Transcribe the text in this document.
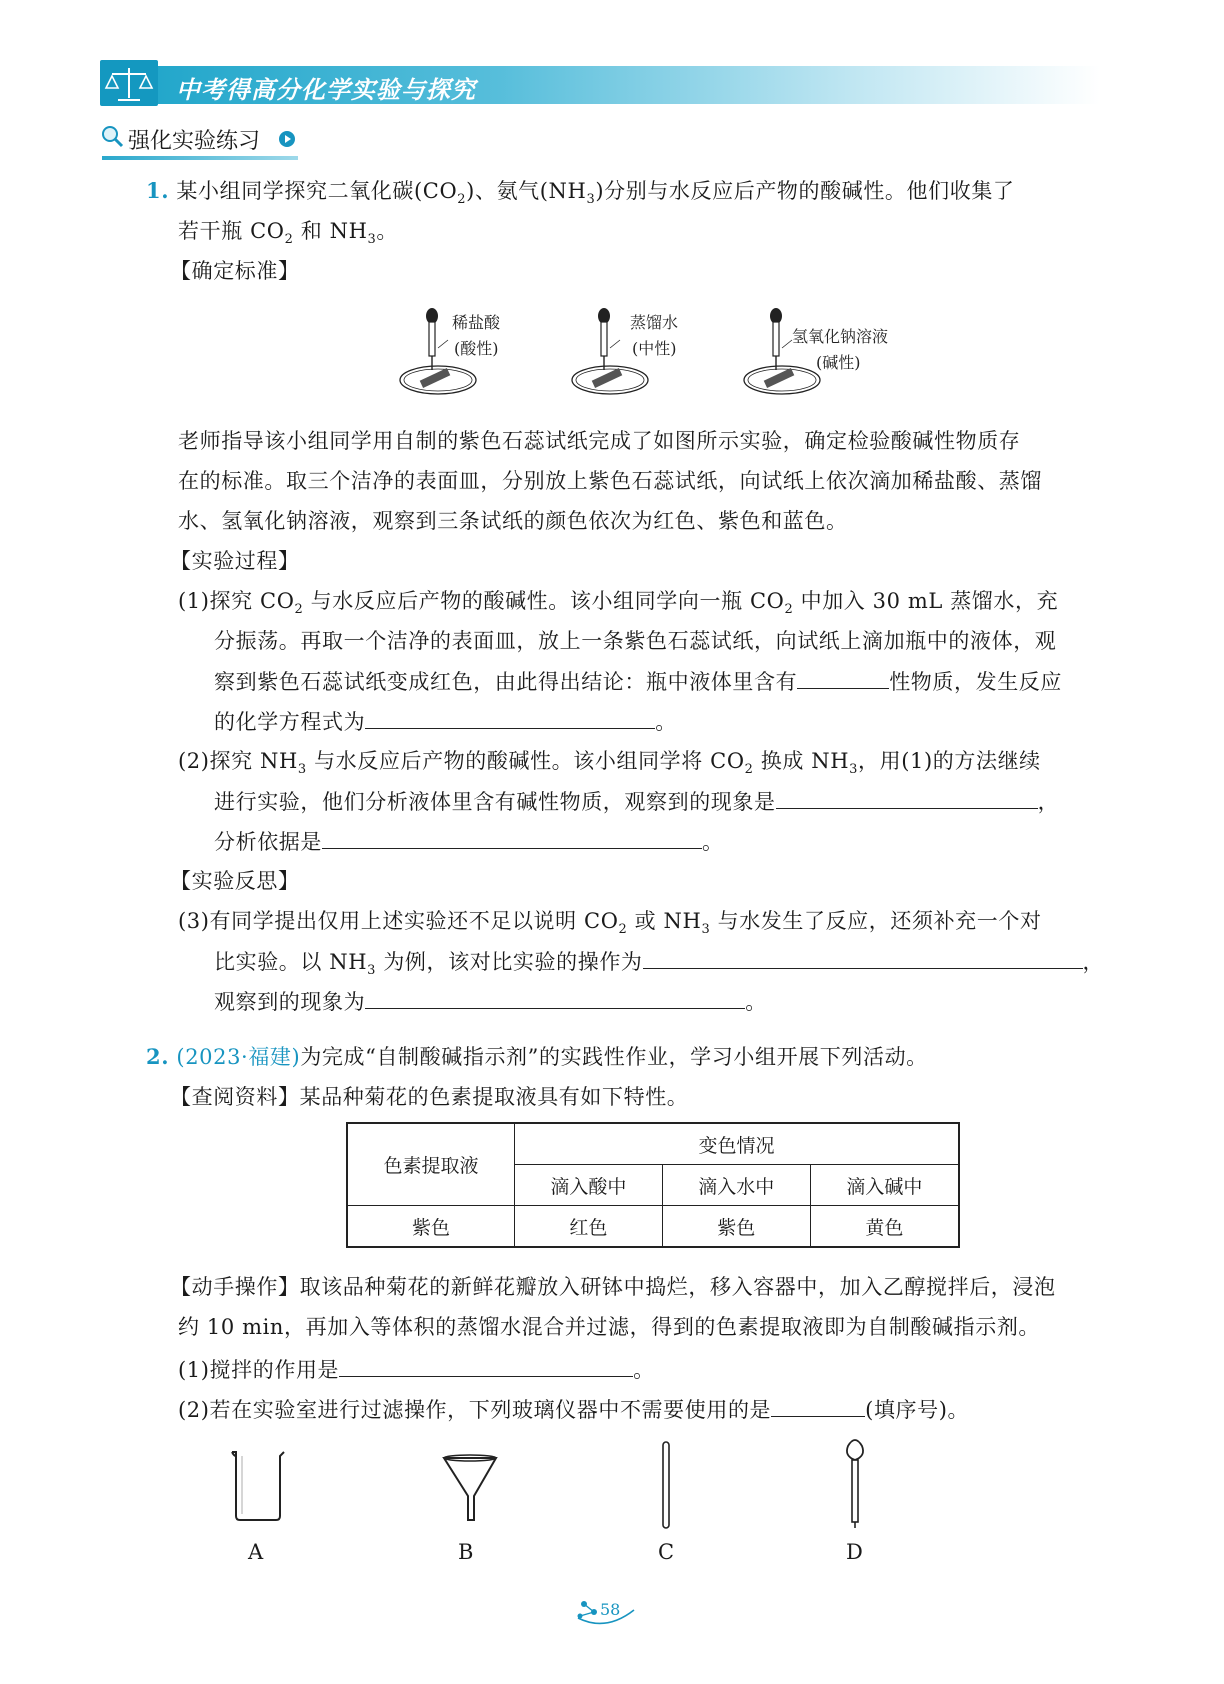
中考得高分化学实验与探究
强化实验练习
1. 某小组同学探究二氧化碳$(CO_2)$、氨气$(NH_3)$分别与水反应后产物的酸碱性。他们收集了
若干瓶 $CO_2$ 和 $NH_3$。
【确定标准】
稀盐酸
(酸性)
蒸馏水
(中性)
氢氧化钠溶液
(碱性)
老师指导该小组同学用自制的紫色石蕊试纸完成了如图所示实验，确定检验酸碱性物质存
在的标准。取三个洁净的表面皿，分别放上紫色石蕊试纸，向试纸上依次滴加稀盐酸、蒸馏
水、氢氧化钠溶液，观察到三条试纸的颜色依次为红色、紫色和蓝色。
【实验过程】
(1)探究 $CO_2$ 与水反应后产物的酸碱性。该小组同学向一瓶 $CO_2$ 中加入 30 mL 蒸馏水，充
分振荡。再取一个洁净的表面皿，放上一条紫色石蕊试纸，向试纸上滴加瓶中的液体，观
察到紫色石蕊试纸变成红色，由此得出结论：瓶中液体里含有	性物质，发生反应
的化学方程式为	。
(2)探究 $NH_3$ 与水反应后产物的酸碱性。该小组同学将 $CO_2$ 换成 $NH_3$，用(1)的方法继续
进行实验，他们分析液体里含有碱性物质，观察到的现象是	，
分析依据是	。
【实验反思】
(3)有同学提出仅用上述实验还不足以说明 $CO_2$ 或 $NH_3$ 与水发生了反应，还须补充一个对
比实验。以 $NH_3$ 为例，该对比实验的操作为	，
观察到的现象为	。
2. (2023·福建)为完成“自制酸碱指示剂”的实践性作业，学习小组开展下列活动。
【查阅资料】某品种菊花的色素提取液具有如下特性。
色素提取液	变色情况		
	滴入酸中	滴入水中	滴入碱中
紫色	红色	紫色	黄色
【动手操作】取该品种菊花的新鲜花瓣放入研钵中捣烂，移入容器中，加入乙醇搅拌后，浸泡
约 10 min，再加入等体积的蒸馏水混合并过滤，得到的色素提取液即为自制酸碱指示剂。
(1)搅拌的作用是	。
(2)若在实验室进行过滤操作，下列玻璃仪器中不需要使用的是	(填序号)。
A	B	C	D
58
